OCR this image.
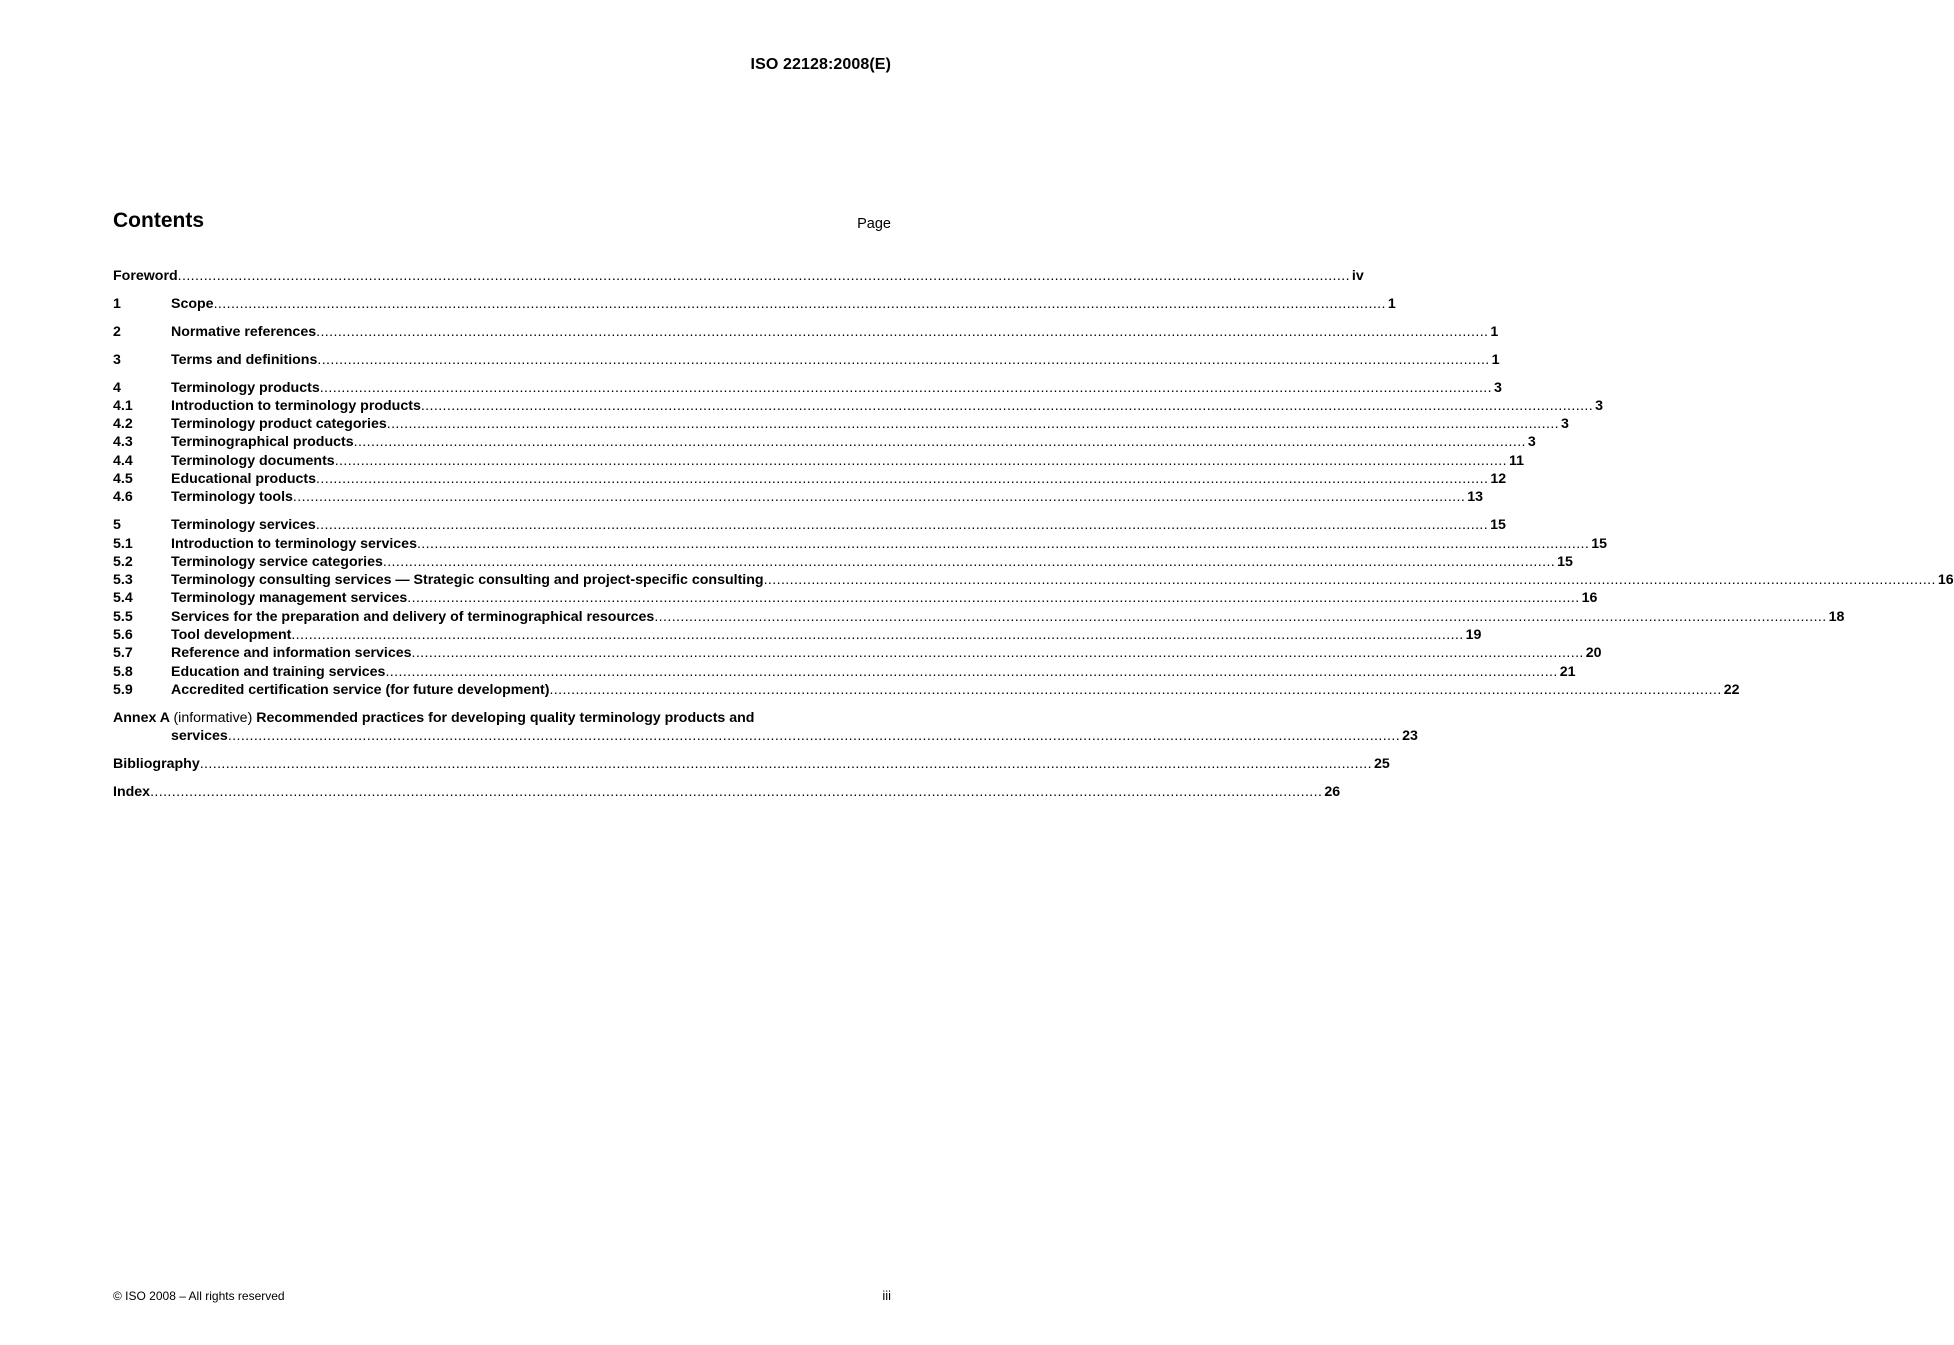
ISO 22128:2008(E)
Contents	Page
Foreword .....	iv
1	Scope .....	1
2	Normative references .....	1
3	Terms and definitions .....	1
4	Terminology products .....	3
4.1	Introduction to terminology products .....	3
4.2	Terminology product categories .....	3
4.3	Terminographical products .....	3
4.4	Terminology documents .....	11
4.5	Educational products .....	12
4.6	Terminology tools .....	13
5	Terminology services .....	15
5.1	Introduction to terminology services .....	15
5.2	Terminology service categories .....	15
5.3	Terminology consulting services — Strategic consulting and project-specific consulting .....	16
5.4	Terminology management services .....	16
5.5	Services for the preparation and delivery of terminographical resources .....	18
5.6	Tool development .....	19
5.7	Reference and information services .....	20
5.8	Education and training services .....	21
5.9	Accredited certification service (for future development) .....	22
Annex A (informative) Recommended practices for developing quality terminology products and
services .....	23
Bibliography .....	25
Index .....	26
© ISO 2008 – All rights reserved	iii
